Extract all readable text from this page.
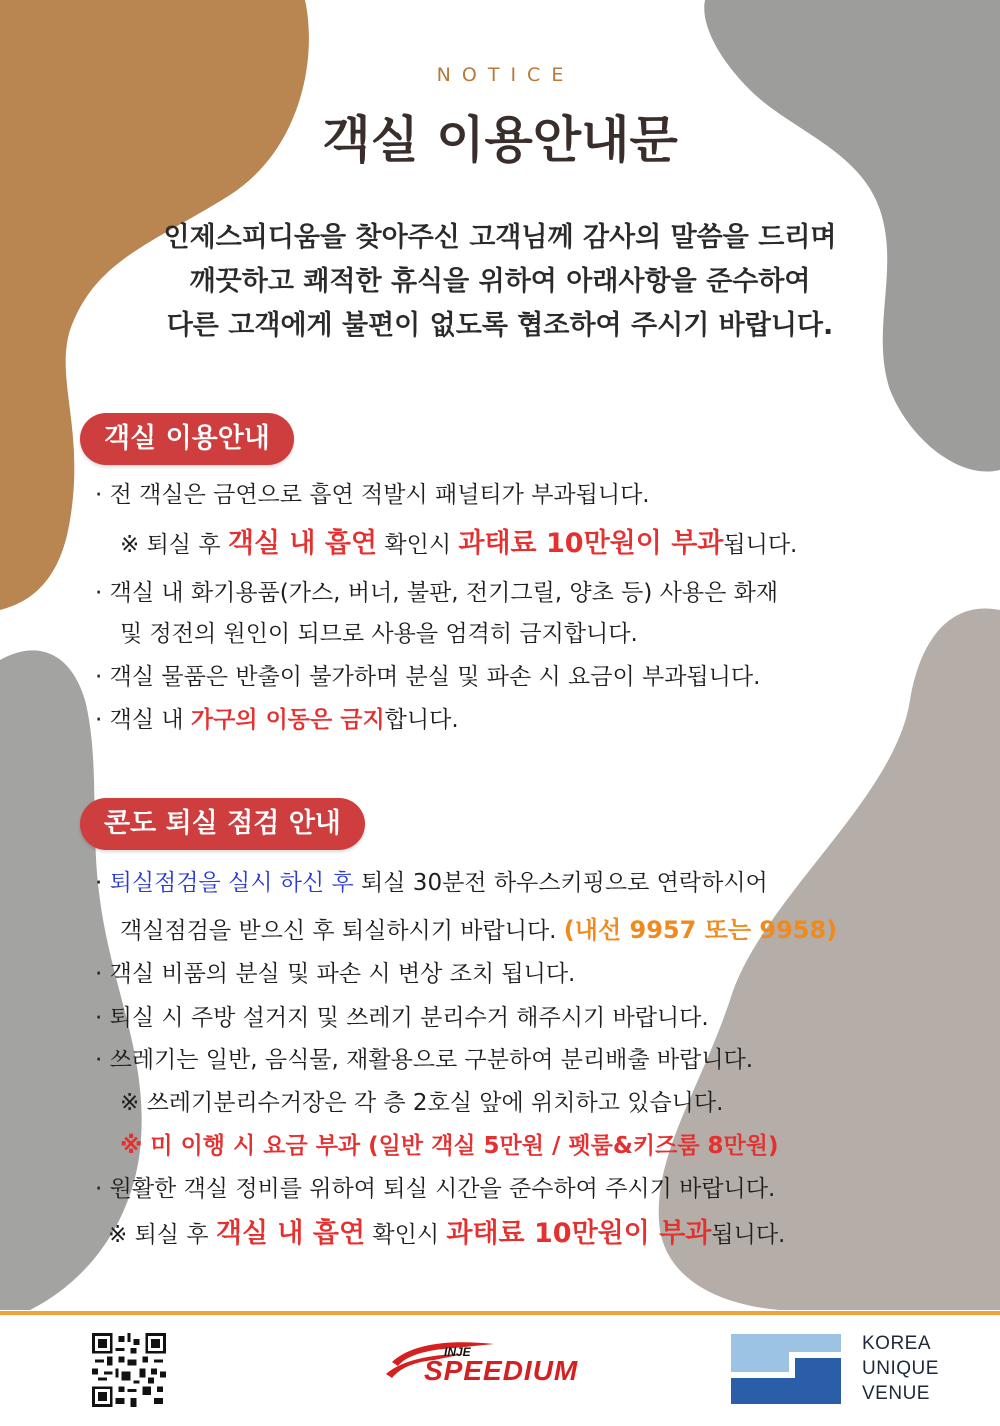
NOTICE
객실 이용안내문
인제스피디움을 찾아주신 고객님께 감사의 말씀을 드리며
깨끗하고 쾌적한 휴식을 위하여 아래사항을 준수하여
다른 고객에게 불편이 없도록 협조하여 주시기 바랍니다.
객실 이용안내
· 전 객실은 금연으로 흡연 적발시 패널티가 부과됩니다.
※ 퇴실 후 객실 내 흡연 확인시 과태료 10만원이 부과됩니다.
· 객실 내 화기용품(가스, 버너, 불판, 전기그릴, 양초 등) 사용은 화재
및 정전의 원인이 되므로 사용을 엄격히 금지합니다.
· 객실 물품은 반출이 불가하며 분실 및 파손 시 요금이 부과됩니다.
· 객실 내 가구의 이동은 금지합니다.
콘도 퇴실 점검 안내
· 퇴실점검을 실시 하신 후 퇴실 30분전 하우스키핑으로 연락하시어
객실점검을 받으신 후 퇴실하시기 바랍니다. (내선 9957 또는 9958)
· 객실 비품의 분실 및 파손 시 변상 조치 됩니다.
· 퇴실 시 주방 설거지 및 쓰레기 분리수거 해주시기 바랍니다.
· 쓰레기는 일반, 음식물, 재활용으로 구분하여 분리배출 바랍니다.
※ 쓰레기분리수거장은 각 층 2호실 앞에 위치하고 있습니다.
※ 미 이행 시 요금 부과 (일반 객실 5만원 / 펫룸&키즈룸 8만원)
· 원활한 객실 정비를 위하여 퇴실 시간을 준수하여 주시기 바랍니다.
※ 퇴실 후 객실 내 흡연 확인시 과태료 10만원이 부과됩니다.
INJE
SPEEDIUM
KOREA
UNIQUE
VENUE
